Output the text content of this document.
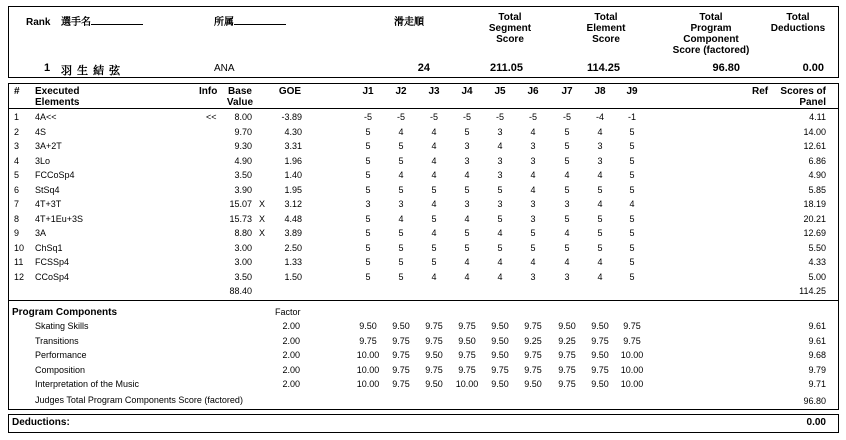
Rank 選手名	所属	滑走順	Total
Segment
Score
Total
Element
Score
Total
Program
Component
Score (factored)
Total
Deductions
1 羽 生 結 弦	ANA	24	211.05	114.25	96.80	0.00
# Executed
Elements
Info	Base
Value
GOE	J1	J2	J3	J4	J5	J6	J7	J8	J9	Ref	Scores of
Panel
1 4A<<	<<	8.00	-3.89	-5	-5	-5	-5	-5	-5	-5	-4	-1	4.11
2 4S	9.70	4.30	5	4	4	5	3	4	5	4	5	14.00
3 3A+2T	9.30	3.31	5	5	4	3	4	3	5	3	5	12.61
4 3Lo	4.90	1.96	5	5	4	3	3	3	5	3	5	6.86
5 FCCoSp4	3.50	1.40	5	4	4	4	3	4	4	4	5	4.90
6 StSq4	3.90	1.95	5	5	5	5	5	4	5	5	5	5.85
7 4T+3T	15.07 X	3.12	3	3	4	3	3	3	3	4	4	18.19
8 4T+1Eu+3S	15.73 X	4.48	5	4	5	4	5	3	5	5	5	20.21
9 3A	8.80 X	3.89	5	5	4	5	4	5	4	5	5	12.69
10 ChSq1	3.00	2.50	5	5	5	5	5	5	5	5	5	5.50
11 FCSSp4	3.00	1.33	5	5	5	4	4	4	4	4	5	4.33
12 CCoSp4	3.50	1.50	5	5	4	4	4	3	3	4	5	5.00
88.40	114.25
Program Components	Factor
Skating Skills	2.00	9.50	9.50	9.75	9.75	9.50	9.75	9.50	9.50	9.75	9.61
Transitions	2.00	9.75	9.75	9.75	9.50	9.50	9.25	9.25	9.75	9.75	9.61
Performance	2.00	10.00	9.75	9.50	9.75	9.50	9.75	9.75	9.50	10.00	9.68
Composition	2.00	10.00	9.75	9.75	9.75	9.75	9.75	9.75	9.75	10.00	9.79
Interpretation of the Music	2.00	10.00	9.75	9.50	10.00	9.50	9.50	9.75	9.50	10.00	9.71
Judges Total Program Components Score (factored)	96.80
Deductions:	0.00
